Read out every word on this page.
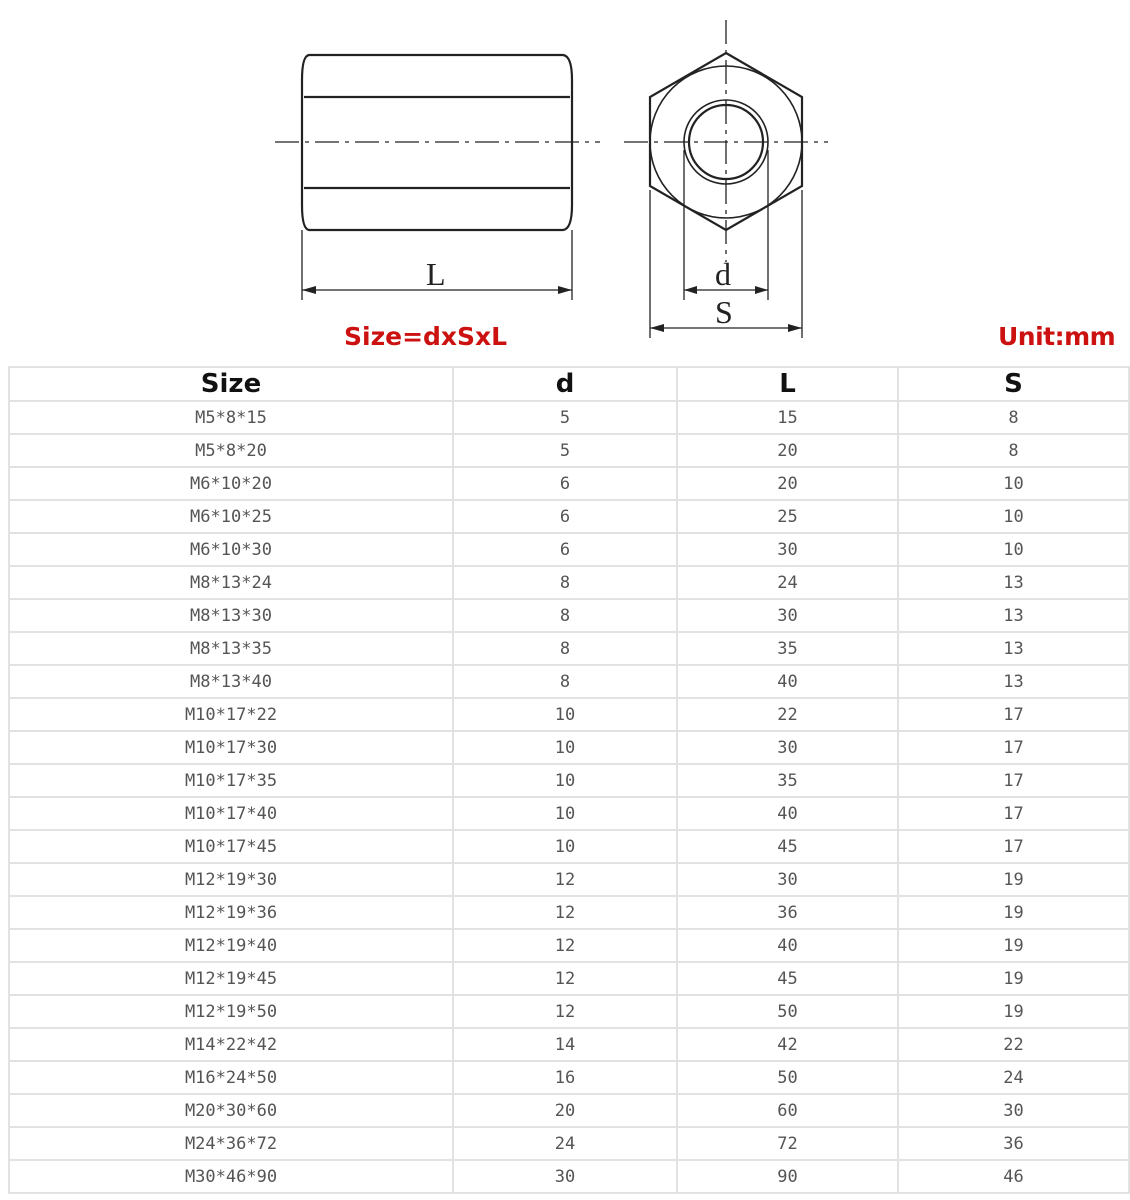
L	d
S
Size=dxSxL	Unit:mm
Size	d	L	S
M5*8*15	5	15	8
M5*8*20	5	20	8
M6*10*20	6	20	10
M6*10*25	6	25	10
M6*10*30	6	30	10
M8*13*24	8	24	13
M8*13*30	8	30	13
M8*13*35	8	35	13
M8*13*40	8	40	13
M10*17*22	10	22	17
M10*17*30	10	30	17
M10*17*35	10	35	17
M10*17*40	10	40	17
M10*17*45	10	45	17
M12*19*30	12	30	19
M12*19*36	12	36	19
M12*19*40	12	40	19
M12*19*45	12	45	19
M12*19*50	12	50	19
M14*22*42	14	42	22
M16*24*50	16	50	24
M20*30*60	20	60	30
M24*36*72	24	72	36
M30*46*90	30	90	46
